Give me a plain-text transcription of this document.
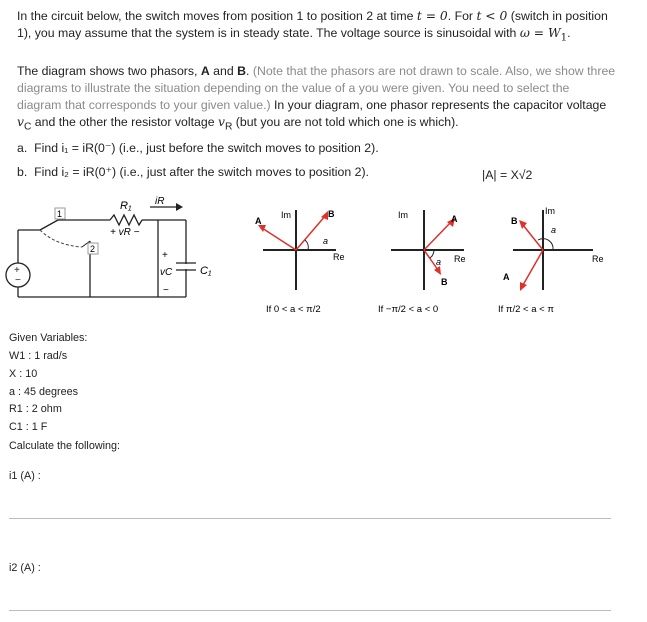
In the circuit below, the switch moves from position 1 to position 2 at time t = 0. For t < 0 (switch in position 1), you may assume that the system is in steady state. The voltage source is sinusoidal with $\omega = W_1$.

The diagram shows two phasors, A and B. (Note that the phasors are not drawn to scale. Also, we show three diagrams to illustrate the situation depending on the value of a you were given. You need to select the diagram that corresponds to your given value.) In your diagram, one phasor represents the capacitor voltage $v_C$ and the other the resistor voltage $v_R$ (but you are not told which one is which).

a. Find i₁ = iR(0⁻) (i.e., just before the switch moves to position 2).
b. Find i₂ = iR(0⁺) (i.e., just after the switch moves to position 2).	|A| = X√2
1
2
R₁ iR
+ vR −
+
vC
−
C₁
+
−
Im
Re
A
B
a
If 0 < a < π/2
Im
Re
A
B
a
If −π/2 < a < 0
Im
Re
A
B
a
If π/2 < a < π
Given Variables:
W1 : 1 rad/s
X : 10
a : 45 degrees
R1 : 2 ohm
C1 : 1 F
Calculate the following:
i1 (A) :
i2 (A) :
